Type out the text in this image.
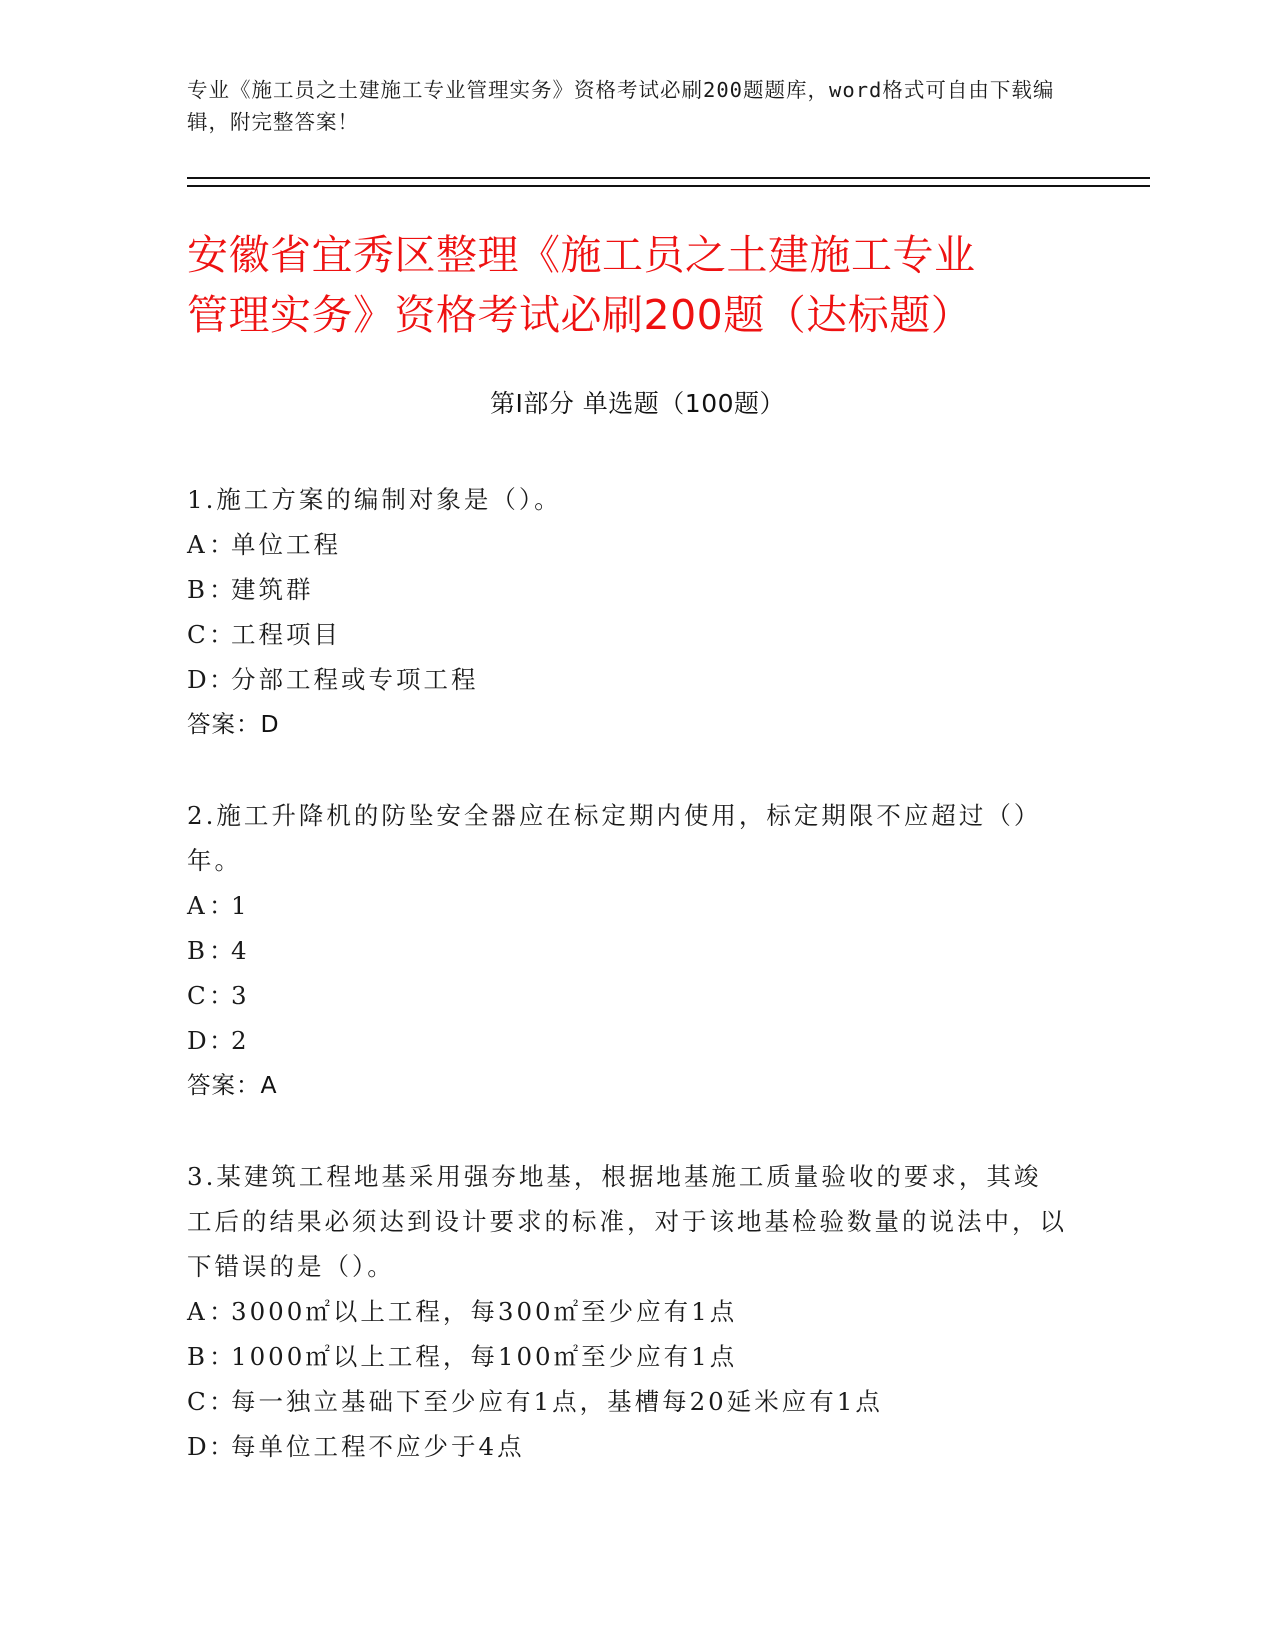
专业《施工员之土建施工专业管理实务》资格考试必刷200题题库，word格式可自由下载编辑，附完整答案！
安徽省宜秀区整理《施工员之土建施工专业
管理实务》资格考试必刷200题（达标题）
第Ⅰ部分 单选题（100题）
1.施工方案的编制对象是（）。
A ：
单位工程
B ：
建筑群
C ：
工程项目
D ：
分部工程或专项工程
答案：D
2.施工升降机的防坠安全器应在标定期内使用，标定期限不应超过（）年。
A ：
1
B ：
4
C ：
3
D ：
2
答案：A
3.某建筑工程地基采用强夯地基，根据地基施工质量验收的要求，其竣工后的结果必须达到设计要求的标准，对于该地基检验数量的说法中，以下错误的是（）。
A ：
3000㎡以上工程，每300㎡至少应有1点
B ：
1000㎡以上工程，每100㎡至少应有1点
C ：
每一独立基础下至少应有1点，基槽每20延米应有1点
D ：
每单位工程不应少于4点
